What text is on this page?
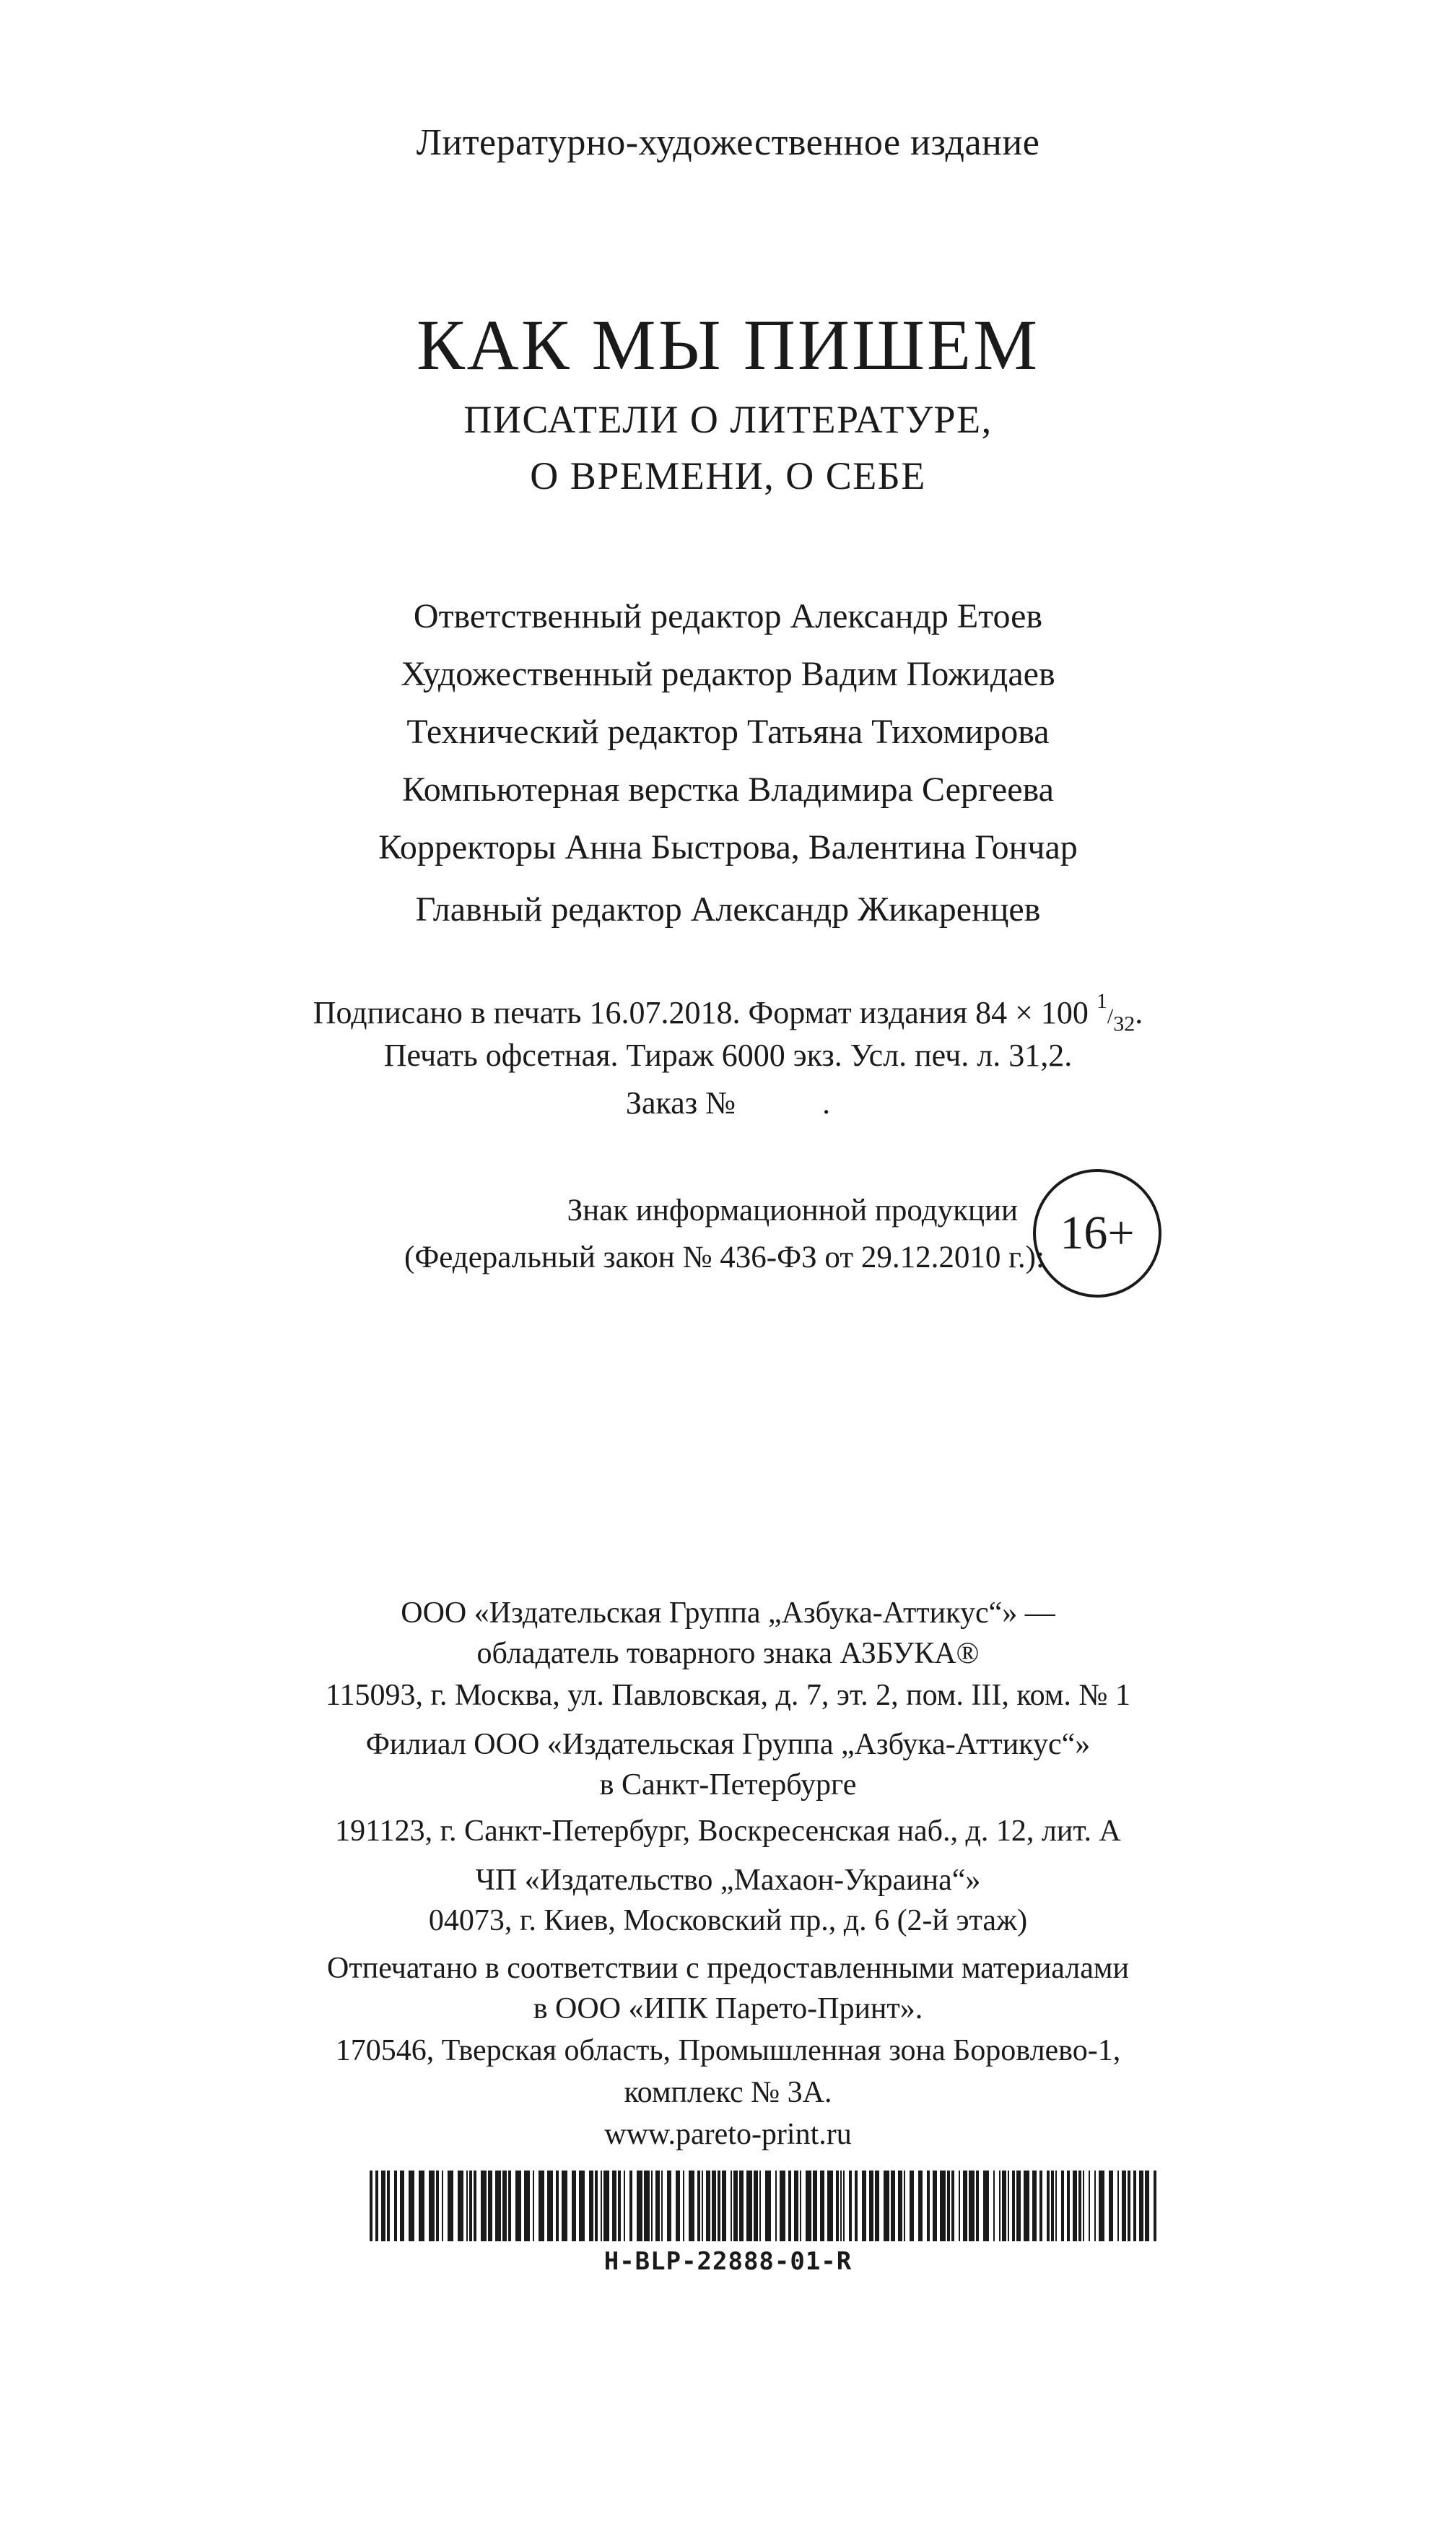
Литературно-художественное издание
КАК МЫ ПИШЕМ
ПИСАТЕЛИ О ЛИТЕРАТУРЕ,
О ВРЕМЕНИ, О СЕБЕ
Ответственный редактор Александр Етоев
Художественный редактор Вадим Пожидаев
Технический редактор Татьяна Тихомирова
Компьютерная верстка Владимира Сергеева
Корректоры Анна Быстрова, Валентина Гончар
Главный редактор Александр Жикаренцев
Подписано в печать 16.07.2018. Формат издания 84 × 100 1/32.
Печать офсетная. Тираж 6000 экз. Усл. печ. л. 31,2.
Заказ №	.
Знак информационной продукции
(Федеральный закон № 436-ФЗ от 29.12.2010 г.): 16+
ООО «Издательская Группа „Азбука-Аттикус“» —
обладатель товарного знака АЗБУКА®
115093, г. Москва, ул. Павловская, д. 7, эт. 2, пом. III, ком. № 1
Филиал ООО «Издательская Группа „Азбука-Аттикус“»
в Санкт-Петербурге
191123, г. Санкт-Петербург, Воскресенская наб., д. 12, лит. А
ЧП «Издательство „Махаон-Украина“»
04073, г. Киев, Московский пр., д. 6 (2-й этаж)
Отпечатано в соответствии с предоставленными материалами
в ООО «ИПК Парето-Принт».
170546, Тверская область, Промышленная зона Боровлево-1,
комплекс № 3А.
www.pareto-print.ru
H-BLP-22888-01-R
